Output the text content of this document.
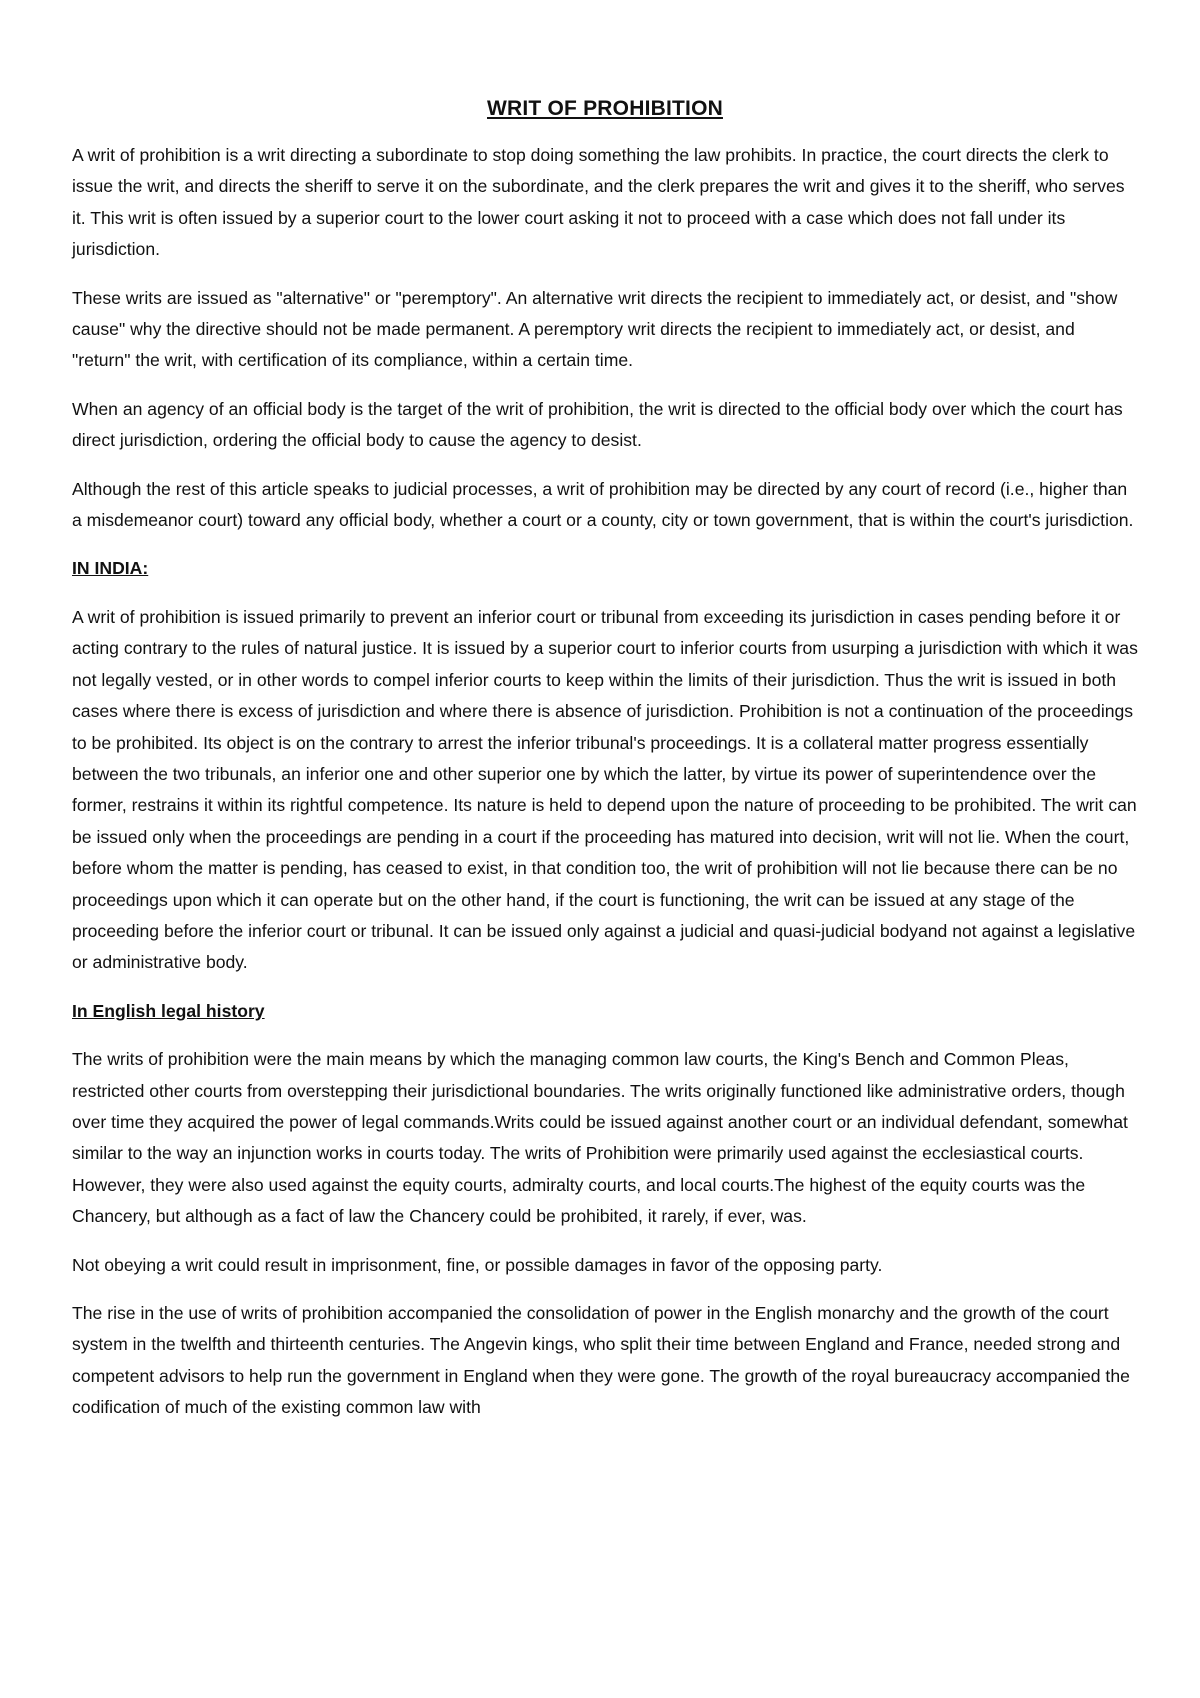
WRIT OF PROHIBITION

A writ of prohibition is a writ directing a subordinate to stop doing something the law prohibits. In practice, the court directs the clerk to issue the writ, and directs the sheriff to serve it on the subordinate, and the clerk prepares the writ and gives it to the sheriff, who serves it. This writ is often issued by a superior court to the lower court asking it not to proceed with a case which does not fall under its jurisdiction.

These writs are issued as "alternative" or "peremptory". An alternative writ directs the recipient to immediately act, or desist, and "show cause" why the directive should not be made permanent. A peremptory writ directs the recipient to immediately act, or desist, and "return" the writ, with certification of its compliance, within a certain time.

When an agency of an official body is the target of the writ of prohibition, the writ is directed to the official body over which the court has direct jurisdiction, ordering the official body to cause the agency to desist.

Although the rest of this article speaks to judicial processes, a writ of prohibition may be directed by any court of record (i.e., higher than a misdemeanor court) toward any official body, whether a court or a county, city or town government, that is within the court's jurisdiction.

IN INDIA:

A writ of prohibition is issued primarily to prevent an inferior court or tribunal from exceeding its jurisdiction in cases pending before it or acting contrary to the rules of natural justice. It is issued by a superior court to inferior courts from usurping a jurisdiction with which it was not legally vested, or in other words to compel inferior courts to keep within the limits of their jurisdiction. Thus the writ is issued in both cases where there is excess of jurisdiction and where there is absence of jurisdiction. Prohibition is not a continuation of the proceedings to be prohibited. Its object is on the contrary to arrest the inferior tribunal's proceedings. It is a collateral matter progress essentially between the two tribunals, an inferior one and other superior one by which the latter, by virtue its power of superintendence over the former, restrains it within its rightful competence. Its nature is held to depend upon the nature of proceeding to be prohibited. The writ can be issued only when the proceedings are pending in a court if the proceeding has matured into decision, writ will not lie. When the court, before whom the matter is pending, has ceased to exist, in that condition too, the writ of prohibition will not lie because there can be no proceedings upon which it can operate but on the other hand, if the court is functioning, the writ can be issued at any stage of the proceeding before the inferior court or tribunal. It can be issued only against a judicial and quasi-judicial bodyand not against a legislative or administrative body.

In English legal history

The writs of prohibition were the main means by which the managing common law courts, the King's Bench and Common Pleas, restricted other courts from overstepping their jurisdictional boundaries. The writs originally functioned like administrative orders, though over time they acquired the power of legal commands.Writs could be issued against another court or an individual defendant, somewhat similar to the way an injunction works in courts today. The writs of Prohibition were primarily used against the ecclesiastical courts. However, they were also used against the equity courts, admiralty courts, and local courts.The highest of the equity courts was the Chancery, but although as a fact of law the Chancery could be prohibited, it rarely, if ever, was.

Not obeying a writ could result in imprisonment, fine, or possible damages in favor of the opposing party.

The rise in the use of writs of prohibition accompanied the consolidation of power in the English monarchy and the growth of the court system in the twelfth and thirteenth centuries. The Angevin kings, who split their time between England and France, needed strong and competent advisors to help run the government in England when they were gone. The growth of the royal bureaucracy accompanied the codification of much of the existing common law with
